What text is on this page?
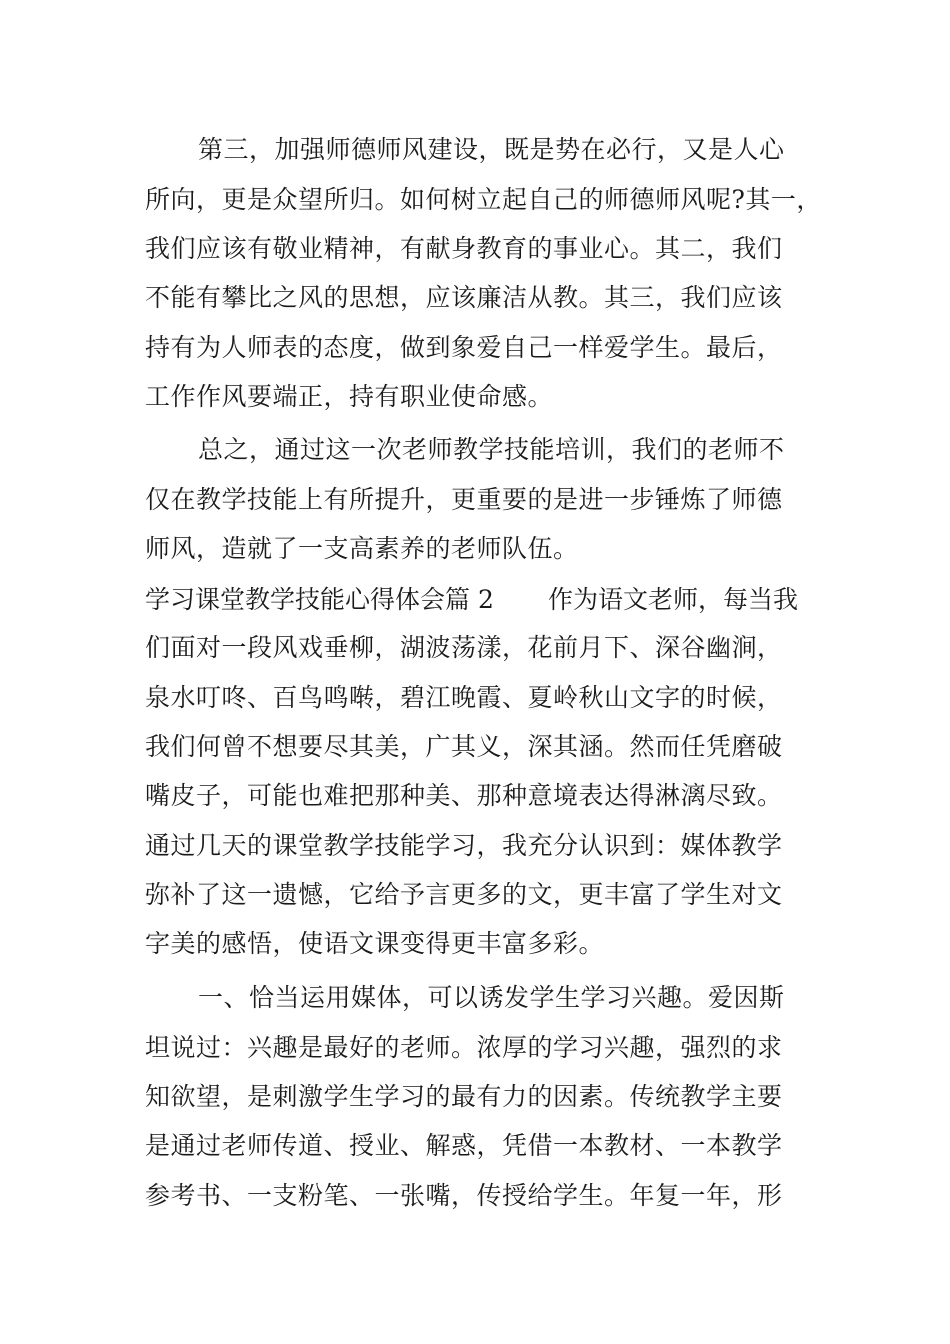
第三，加强师德师风建设，既是势在必行，又是人心
所向，更是众望所归。如何树立起自己的师德师风呢?其一，
我们应该有敬业精神，有献身教育的事业心。其二，我们
不能有攀比之风的思想，应该廉洁从教。其三，我们应该
持有为人师表的态度，做到象爱自己一样爱学生。最后，
工作作风要端正，持有职业使命感。
总之，通过这一次老师教学技能培训，我们的老师不
仅在教学技能上有所提升，更重要的是进一步锤炼了师德
师风，造就了一支高素养的老师队伍。
学习课堂教学技能心得体会篇 2 作为语文老师，每当我
们面对一段风戏垂柳，湖波荡漾，花前月下、深谷幽涧，
泉水叮咚、百鸟鸣啭，碧江晚霞、夏岭秋山文字的时候，
我们何曾不想要尽其美，广其义，深其涵。然而任凭磨破
嘴皮子，可能也难把那种美、那种意境表达得淋漓尽致。
通过几天的课堂教学技能学习，我充分认识到：媒体教学
弥补了这一遗憾，它给予言更多的文，更丰富了学生对文
字美的感悟，使语文课变得更丰富多彩。
一、恰当运用媒体，可以诱发学生学习兴趣。爱因斯
坦说过：兴趣是最好的老师。浓厚的学习兴趣，强烈的求
知欲望，是刺激学生学习的最有力的因素。传统教学主要
是通过老师传道、授业、解惑，凭借一本教材、一本教学
参考书、一支粉笔、一张嘴，传授给学生。年复一年，形
